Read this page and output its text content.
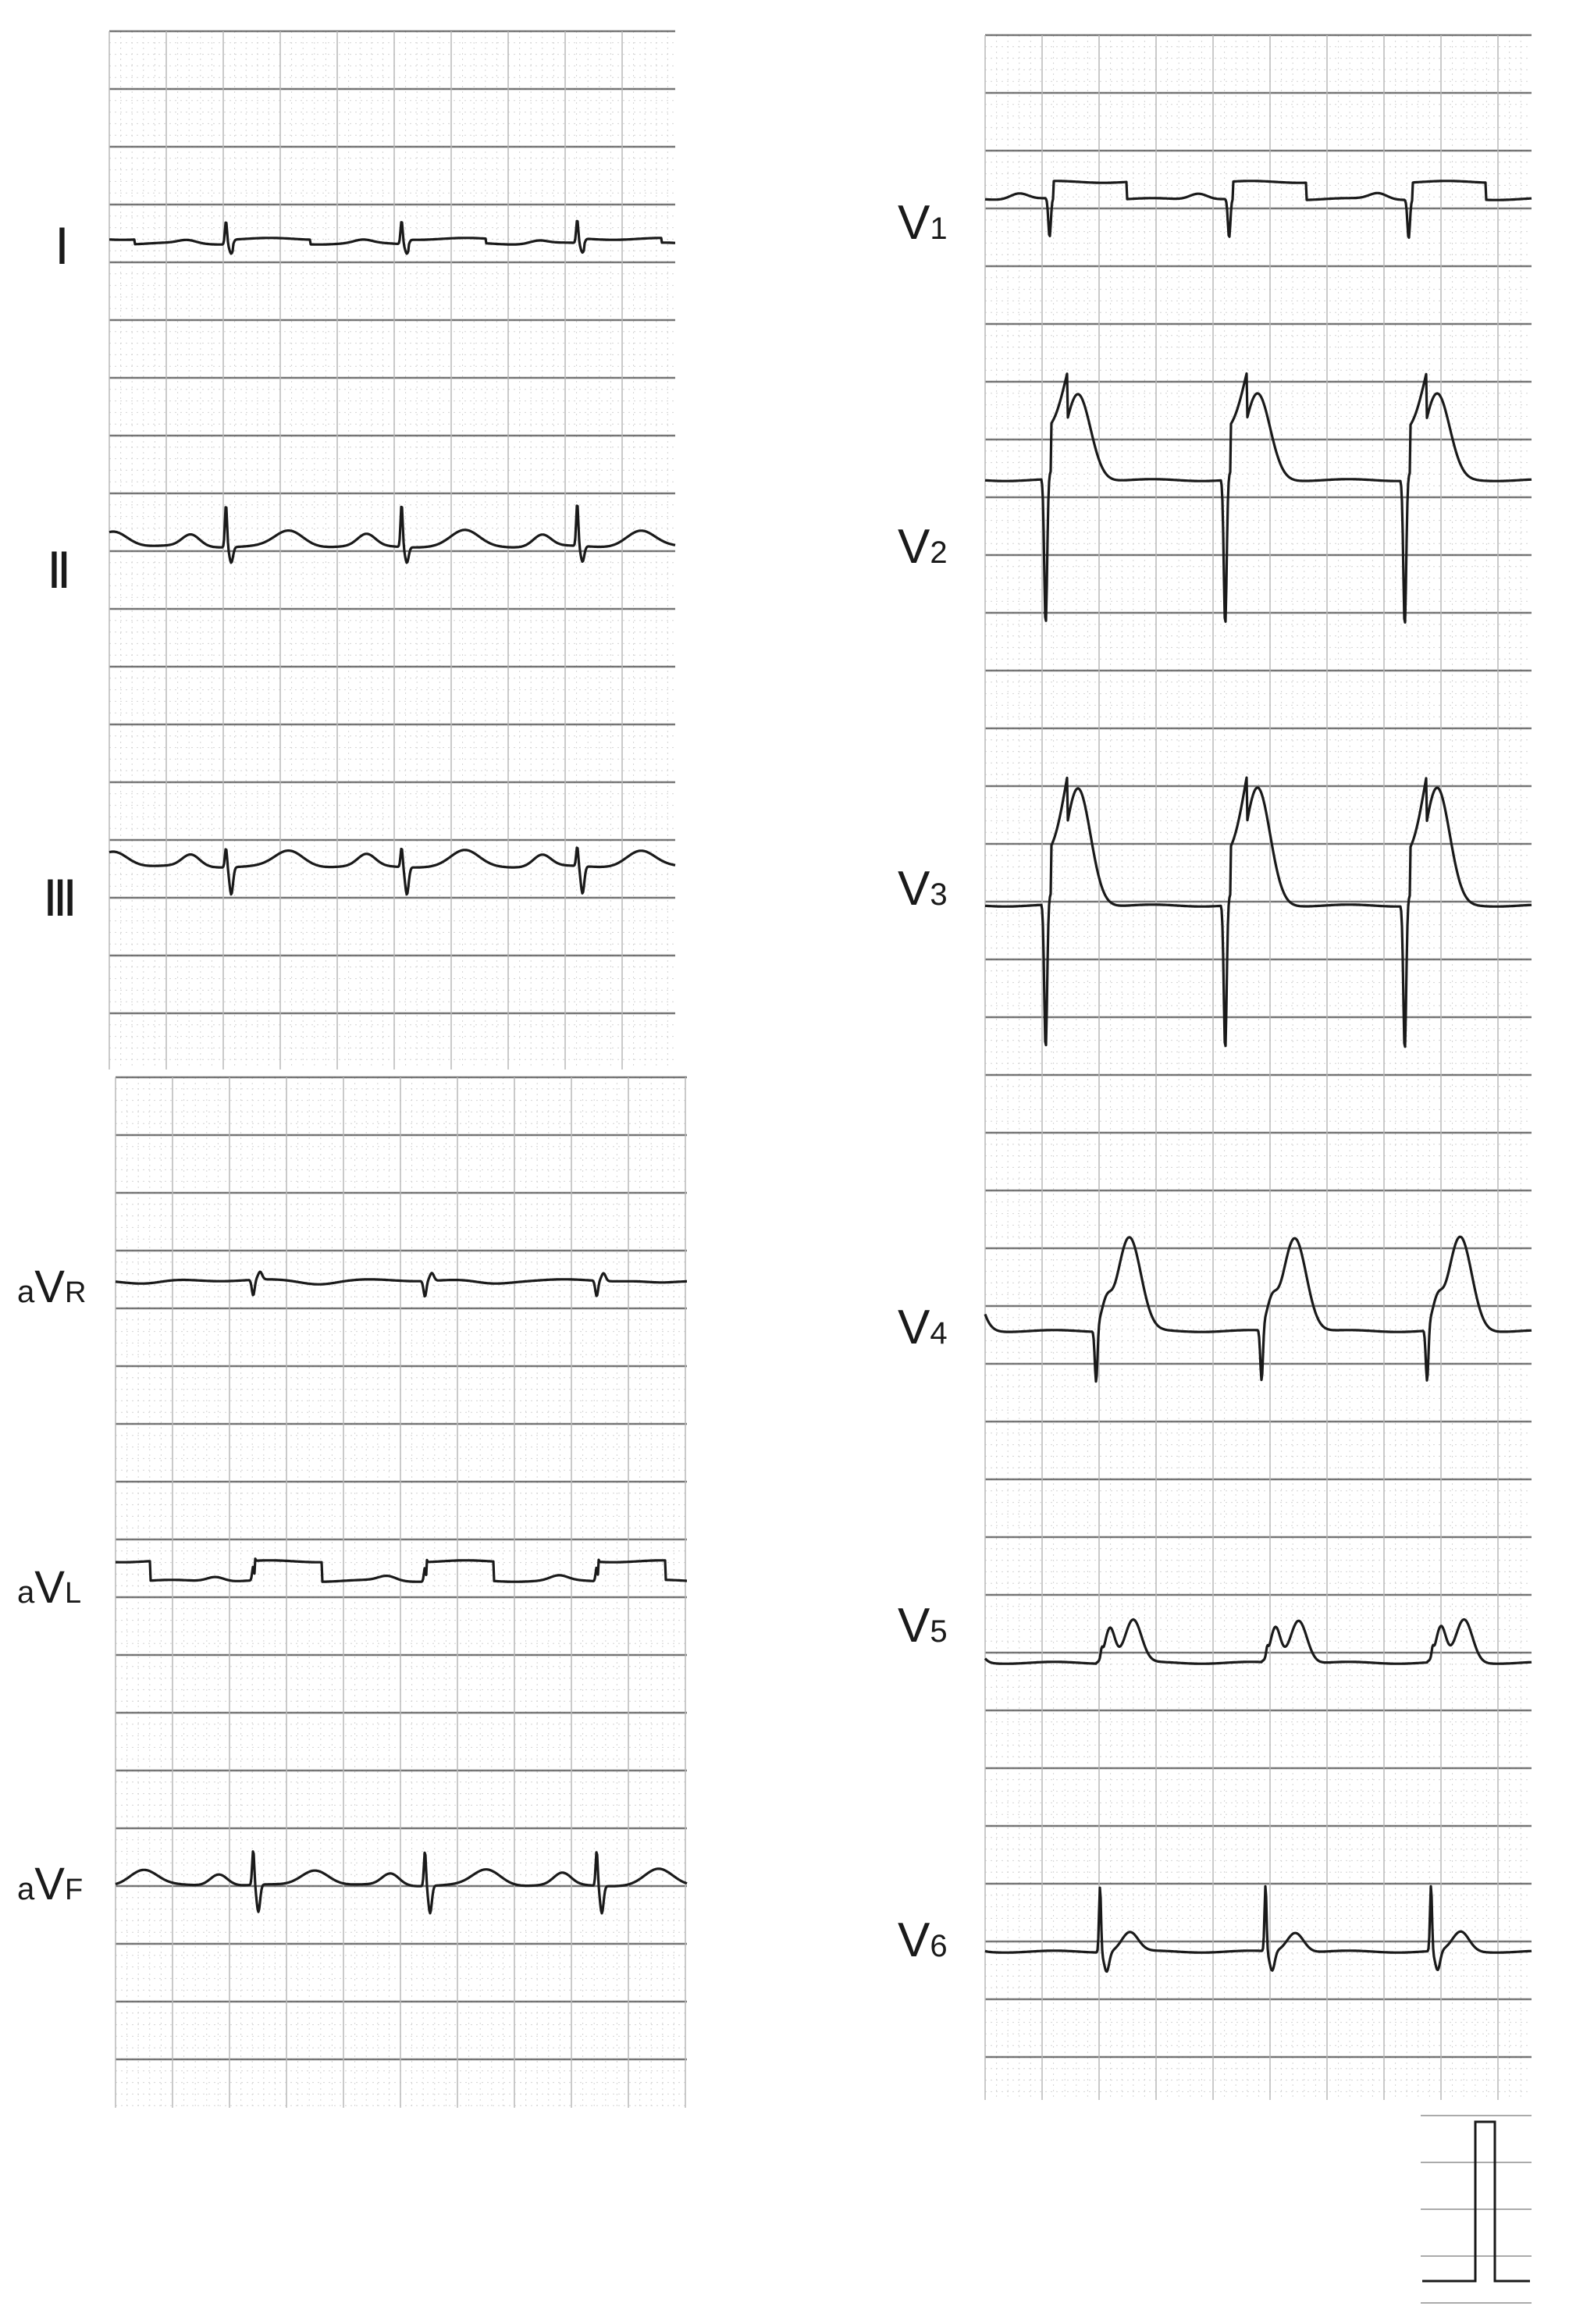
Ⅰ
Ⅱ
Ⅲ
aVR
aVL
aVF
V1
V2
V3
V4
V5
V6
